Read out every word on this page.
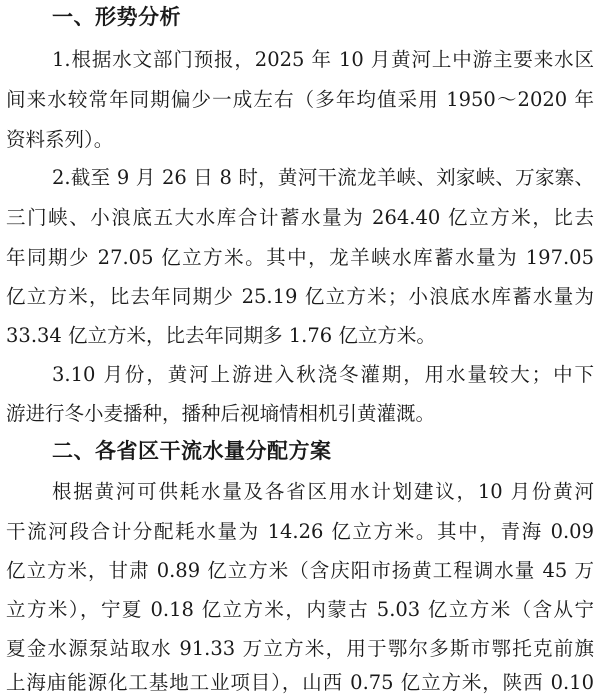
一、形势分析
1.根据水文部门预报，2025 年 10 月黄河上中游主要来水区
间来水较常年同期偏少一成左右（多年均值采用 1950～2020 年
资料系列）。
2.截至 9 月 26 日 8 时，黄河干流龙羊峡、刘家峡、万家寨、
三门峡、小浪底五大水库合计蓄水量为 264.40 亿立方米，比去
年同期少 27.05 亿立方米。其中，龙羊峡水库蓄水量为 197.05
亿立方米，比去年同期少 25.19 亿立方米；小浪底水库蓄水量为
33.34 亿立方米，比去年同期多 1.76 亿立方米。
3.10 月份，黄河上游进入秋浇冬灌期，用水量较大；中下
游进行冬小麦播种，播种后视墒情相机引黄灌溉。
二、各省区干流水量分配方案
根据黄河可供耗水量及各省区用水计划建议，10 月份黄河
干流河段合计分配耗水量为 14.26 亿立方米。其中，青海 0.09
亿立方米，甘肃 0.89 亿立方米（含庆阳市扬黄工程调水量 45 万
立方米），宁夏 0.18 亿立方米，内蒙古 5.03 亿立方米（含从宁
夏金水源泵站取水 91.33 万立方米，用于鄂尔多斯市鄂托克前旗
上海庙能源化工基地工业项目），山西 0.75 亿立方米，陕西 0.10
